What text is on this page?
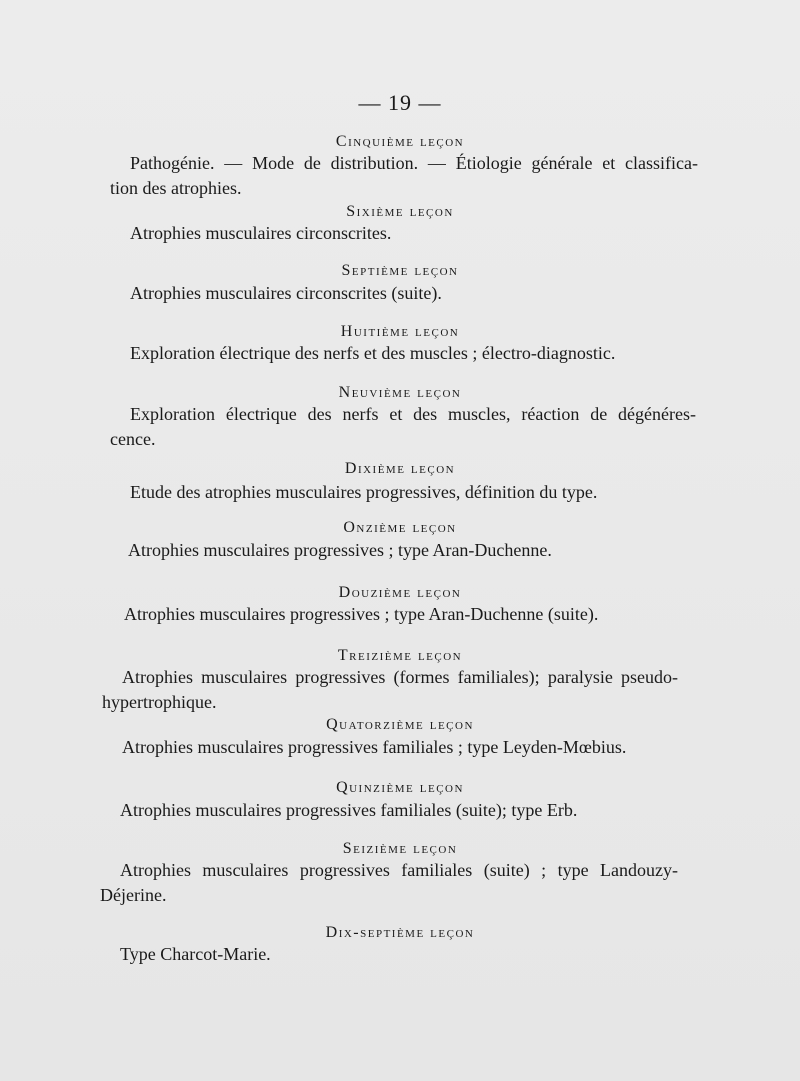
— 19 —
Cinquième leçon
Pathogénie. — Mode de distribution. — Étiologie générale et classifica-
tion des atrophies.
Sixième leçon
Atrophies musculaires circonscrites.
Septième leçon
Atrophies musculaires circonscrites (suite).
Huitième leçon
Exploration électrique des nerfs et des muscles ; électro-diagnostic.
Neuvième leçon
Exploration électrique des nerfs et des muscles, réaction de dégénéres-
cence.
Dixième leçon
Etude des atrophies musculaires progressives, définition du type.
Onzième leçon
Atrophies musculaires progressives ; type Aran-Duchenne.
Douzième leçon
Atrophies musculaires progressives ; type Aran-Duchenne (suite).
Treizième leçon
Atrophies musculaires progressives (formes familiales); paralysie pseudo-
hypertrophique.
Quatorzième leçon
Atrophies musculaires progressives familiales ; type Leyden-Mœbius.
Quinzième leçon
Atrophies musculaires progressives familiales (suite); type Erb.
Seizième leçon
Atrophies musculaires progressives familiales (suite) ; type Landouzy-
Déjerine.
Dix-septième leçon
Type Charcot-Marie.
